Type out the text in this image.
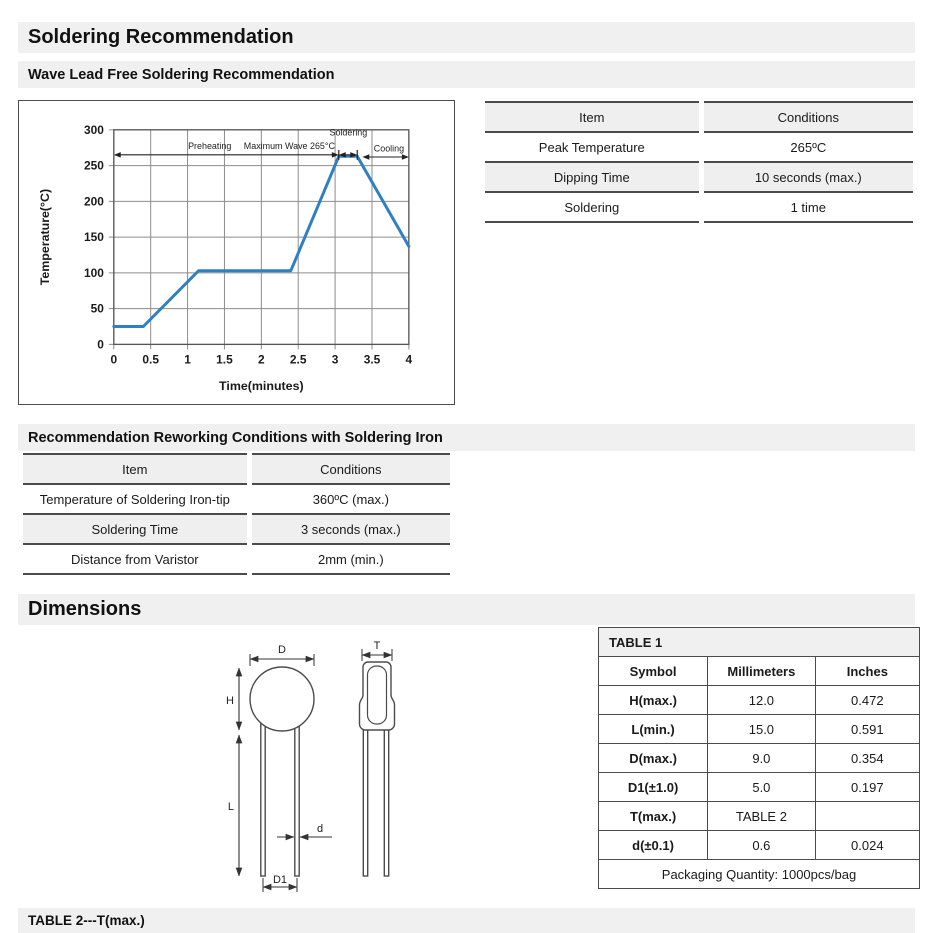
Soldering Recommendation
Wave Lead Free Soldering Recommendation
0 0.5 1 1.5 2 2.5 3 3.5 4
0
50
100
150
200
250
300
Preheating Maximum Wave 265°C
Soldering
Cooling
Time(minutes)
Temperature(°C)
Item	Conditions
Peak Temperature	265ºC
Dipping Time	10 seconds (max.)
Soldering	1 time
Recommendation Reworking Conditions with Soldering Iron
Item	Conditions
Temperature of Soldering Iron-tip	360ºC (max.)
Soldering Time	3 seconds (max.)
Distance from Varistor	2mm (min.)
Dimensions
D
H
L
d
D1
T	TABLE 1		
Symbol	Millimeters	Inches
H(max.)	12.0	0.472
L(min.)	15.0	0.591
D(max.)	9.0	0.354
D1(±1.0)	5.0	0.197
T(max.)	TABLE 2	
d(±0.1)	0.6	0.024
Packaging Quantity: 1000pcs/bag		
TABLE 2---T(max.)
